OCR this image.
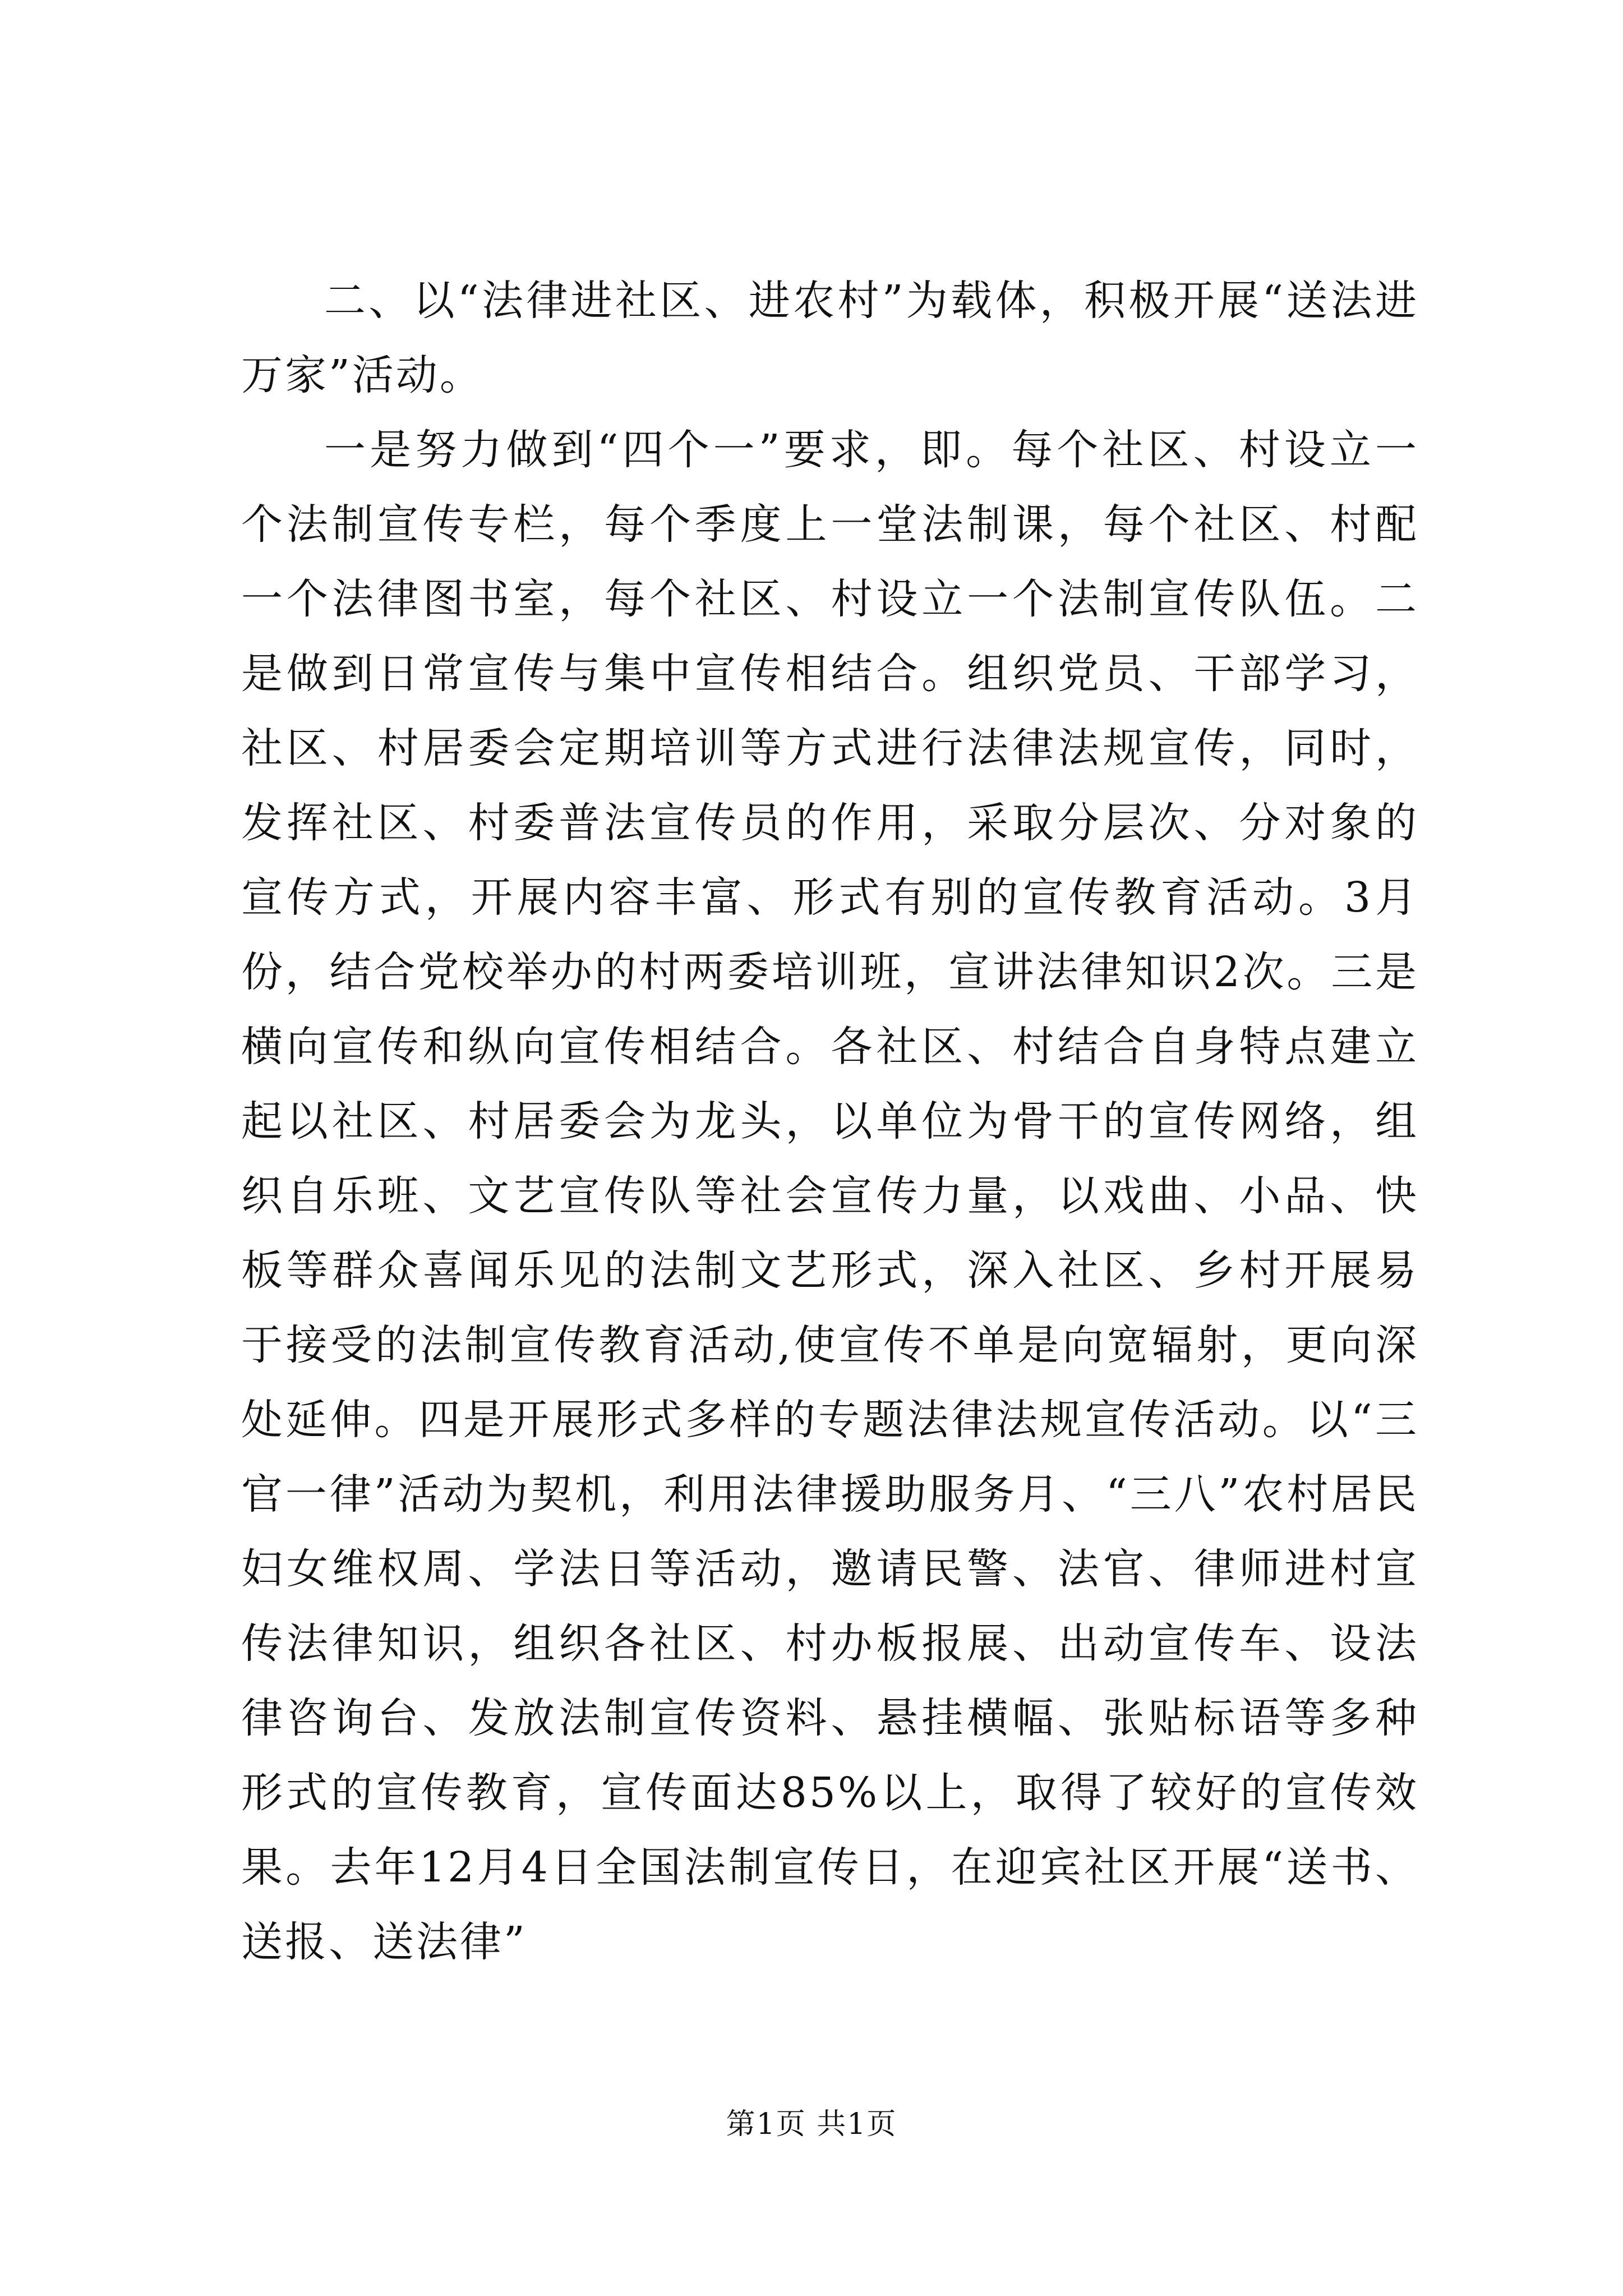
二、以“法律进社区、进农村”为载体，积极开展“送法进万家”活动。

一是努力做到“四个一”要求，即。每个社区、村设立一个法制宣传专栏，每个季度上一堂法制课，每个社区、村配一个法律图书室，每个社区、村设立一个法制宣传队伍。二是做到日常宣传与集中宣传相结合。组织党员、干部学习，社区、村居委会定期培训等方式进行法律法规宣传，同时，发挥社区、村委普法宣传员的作用，采取分层次、分对象的宣传方式，开展内容丰富、形式有别的宣传教育活动。3月份，结合党校举办的村两委培训班，宣讲法律知识2次。三是横向宣传和纵向宣传相结合。各社区、村结合自身特点建立起以社区、村居委会为龙头，以单位为骨干的宣传网络，组织自乐班、文艺宣传队等社会宣传力量，以戏曲、小品、快板等群众喜闻乐见的法制文艺形式，深入社区、乡村开展易于接受的法制宣传教育活动,使宣传不单是向宽辐射，更向深处延伸。四是开展形式多样的专题法律法规宣传活动。以“三官一律”活动为契机，利用法律援助服务月、“三八”农村居民妇女维权周、学法日等活动，邀请民警、法官、律师进村宣传法律知识，组织各社区、村办板报展、出动宣传车、设法律咨询台、发放法制宣传资料、悬挂横幅、张贴标语等多种形式的宣传教育，宣传面达85%以上，取得了较好的宣传效果。去年12月4日全国法制宣传日，在迎宾社区开展“送书、送报、送法律”

第1页 共1页
